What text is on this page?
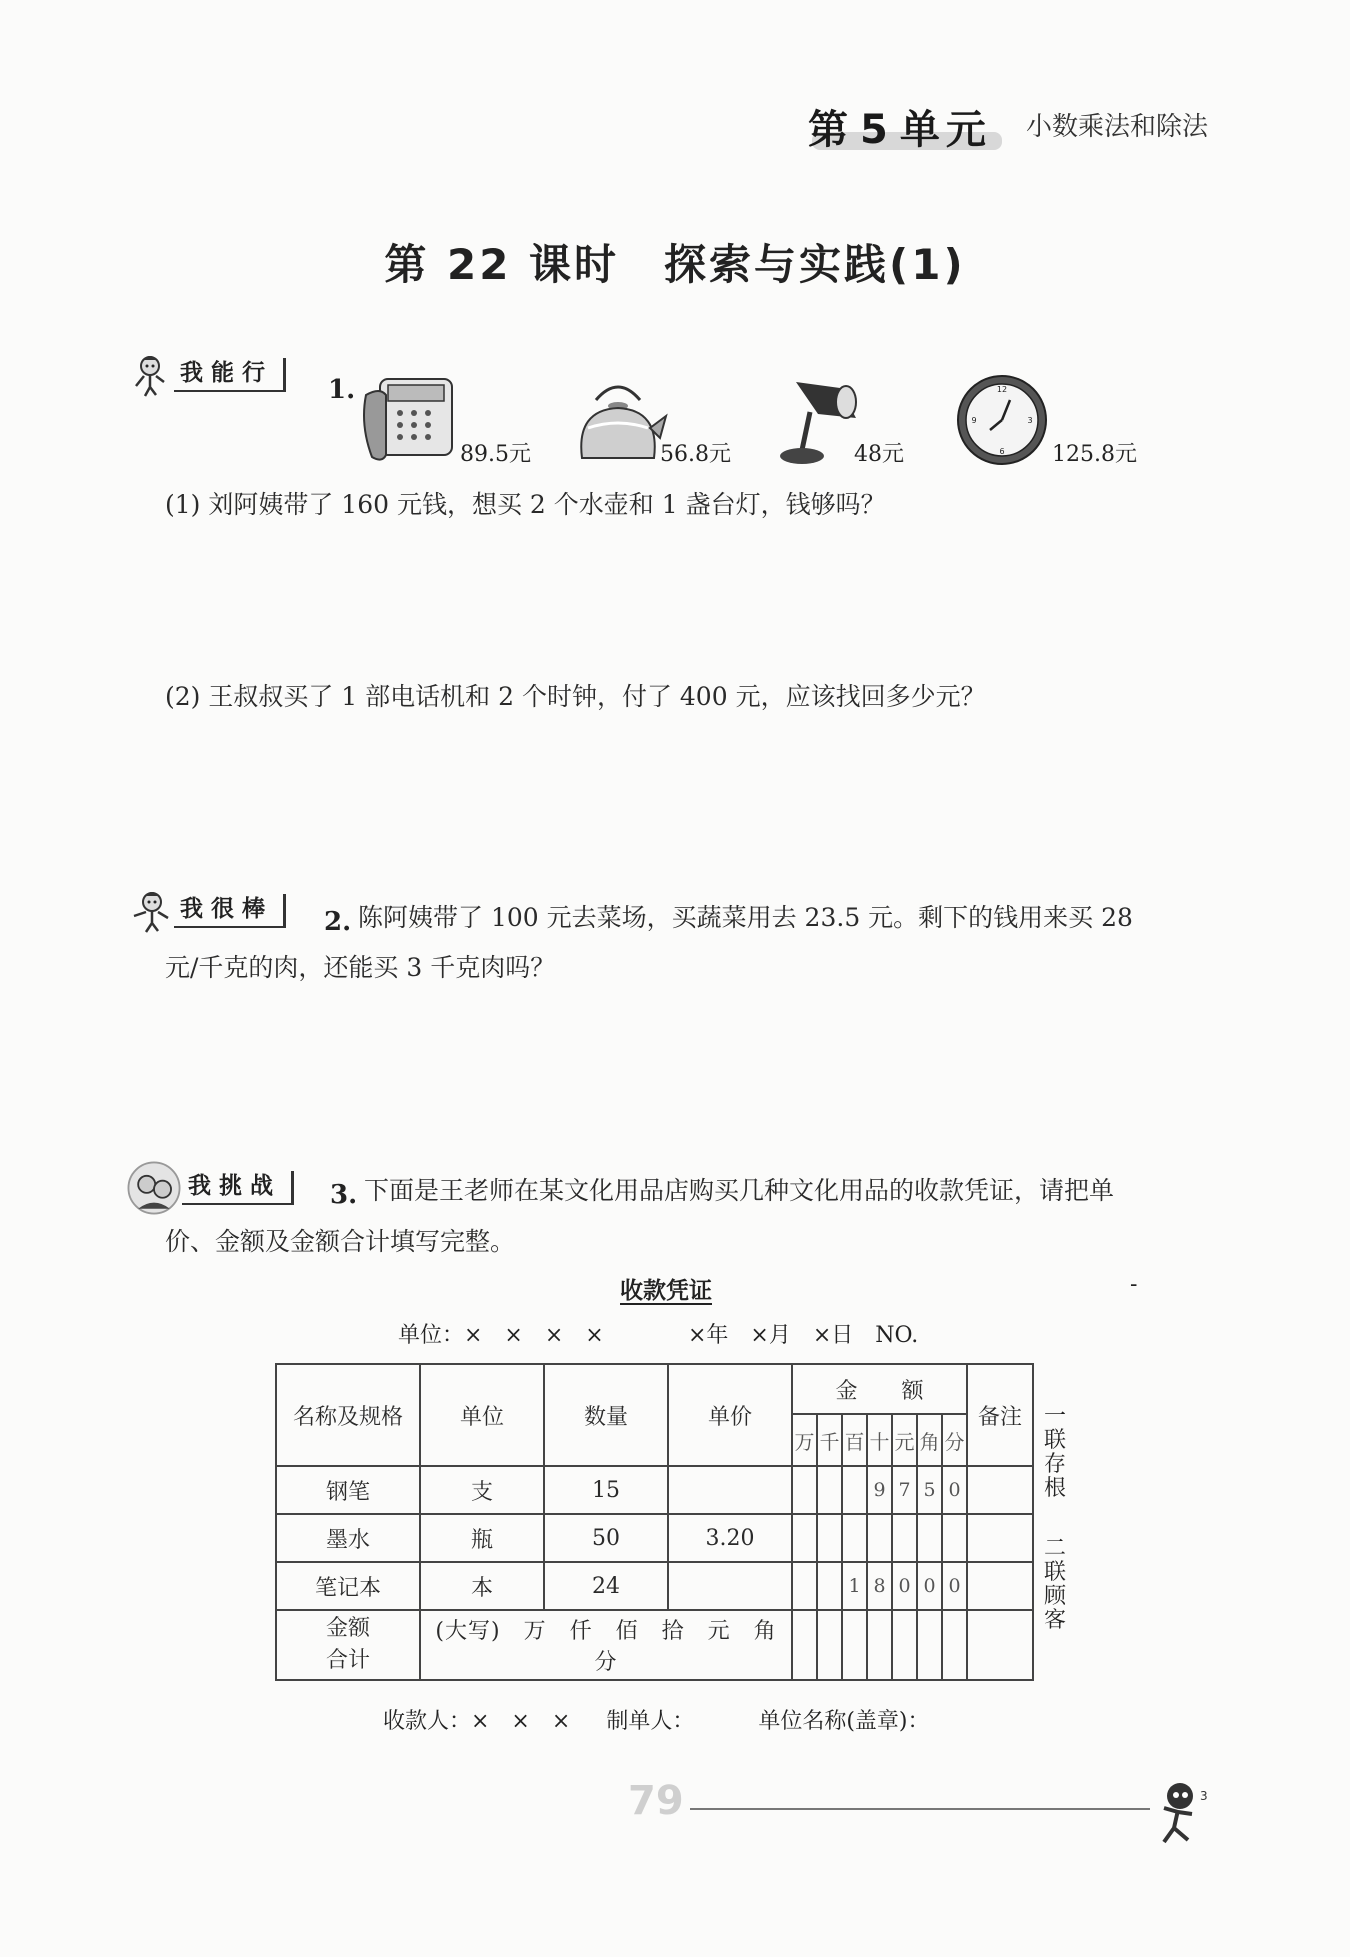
第 5 单元 小数乘法和除法
第 22 课时　探索与实践(1)
我能行
1.
89.5元	56.8元	48元
12
3
6
9
125.8元
(1) 刘阿姨带了 160 元钱，想买 2 个水壶和 1 盏台灯，钱够吗？
(2) 王叔叔买了 1 部电话机和 2 个时钟，付了 400 元，应该找回多少元？
我很棒	2. 陈阿姨带了 100 元去菜场，买蔬菜用去 23.5 元。剩下的钱用来买 28
元/千克的肉，还能买 3 千克肉吗？
我挑战	3. 下面是王老师在某文化用品店购买几种文化用品的收款凭证，请把单
价、金额及金额合计填写完整。
收款凭证	-
单位：×　×　×　×	×年　×月　×日　NO.
名称及规格	单位	数量	单价	金　　额							备注
				万	千	百	十	元	角	分	
钢笔	支	15					9	7	5	0	
墨水	瓶	50	3.20								
笔记本	本	24				1	8	0	0	0	

金额
合计	(大写)　万　仟　佰　拾　元　角　分										
一联存根
二联顾客
收款人：×　×　× 制单人：	单位名称(盖章)：
79	3
